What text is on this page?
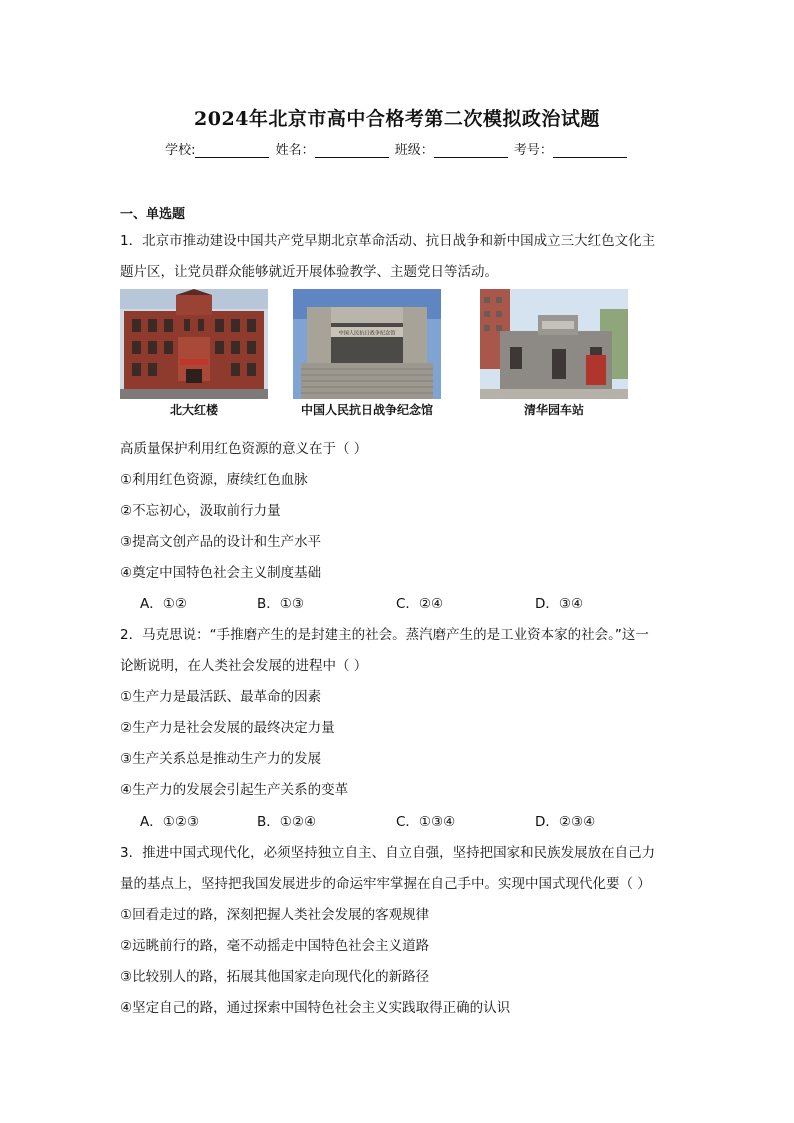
2024年北京市高中合格考第二次模拟政治试题
学校:	姓名：	班级：	考号：
一、单选题
1．北京市推动建设中国共产党早期北京革命活动、抗日战争和新中国成立三大红色文化主
题片区，让党员群众能够就近开展体验教学、主题党日等活动。
北大红楼
中国人民抗日战争纪念馆
中国人民抗日战争纪念馆	清华园车站
高质量保护利用红色资源的意义在于（ ）
①利用红色资源，赓续红色血脉
②不忘初心，汲取前行力量
③提高文创产品的设计和生产水平
④奠定中国特色社会主义制度基础
A．①②	B．①③	C．②④	D．③④
2．马克思说：“手推磨产生的是封建主的社会。蒸汽磨产生的是工业资本家的社会。”这一
论断说明，在人类社会发展的进程中（ ）
①生产力是最活跃、最革命的因素
②生产力是社会发展的最终决定力量
③生产关系总是推动生产力的发展
④生产力的发展会引起生产关系的变革
A．①②③	B．①②④	C．①③④	D．②③④
3．推进中国式现代化，必须坚持独立自主、自立自强，坚持把国家和民族发展放在自己力
量的基点上，坚持把我国发展进步的命运牢牢掌握在自己手中。实现中国式现代化要（ ）
①回看走过的路，深刻把握人类社会发展的客观规律
②远眺前行的路，毫不动摇走中国特色社会主义道路
③比较别人的路，拓展其他国家走向现代化的新路径
④坚定自己的路，通过探索中国特色社会主义实践取得正确的认识
